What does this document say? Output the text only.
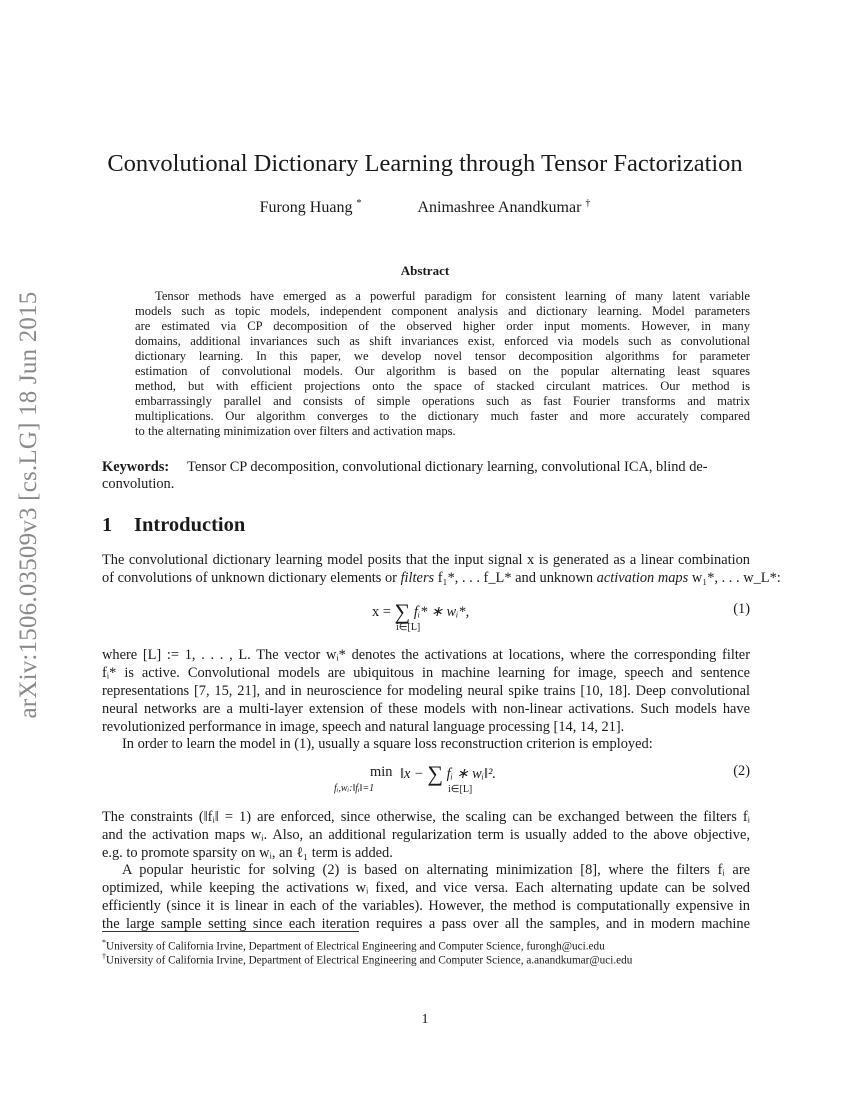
arXiv:1506.03509v3 [cs.LG] 18 Jun 2015
Convolutional Dictionary Learning through Tensor Factorization
Furong Huang *	Animashree Anandkumar †
Abstract
Tensor methods have emerged as a powerful paradigm for consistent learning of many latent variable
models such as topic models, independent component analysis and dictionary learning. Model parameters
are estimated via CP decomposition of the observed higher order input moments. However, in many
domains, additional invariances such as shift invariances exist, enforced via models such as convolutional
dictionary learning. In this paper, we develop novel tensor decomposition algorithms for parameter
estimation of convolutional models. Our algorithm is based on the popular alternating least squares
method, but with efficient projections onto the space of stacked circulant matrices. Our method is
embarrassingly parallel and consists of simple operations such as fast Fourier transforms and matrix
multiplications. Our algorithm converges to the dictionary much faster and more accurately compared
to the alternating minimization over filters and activation maps.
Keywords: Tensor CP decomposition, convolutional dictionary learning, convolutional ICA, blind de-
convolution.
1 Introduction
The convolutional dictionary learning model posits that the input signal x is generated as a linear combination
of convolutions of unknown dictionary elements or filters f₁*, . . . f_L* and unknown activation maps w₁*, . . . w_L*:
x = ∑ fᵢ* ∗ wᵢ*,
i∈[L]
(1)
where [L] := 1, . . . , L. The vector wᵢ* denotes the activations at locations, where the corresponding filter
fᵢ* is active. Convolutional models are ubiquitous in machine learning for image, speech and sentence
representations [7, 15, 21], and in neuroscience for modeling neural spike trains [10, 18]. Deep convolutional
neural networks are a multi-layer extension of these models with non-linear activations. Such models have
revolutionized performance in image, speech and natural language processing [14, 14, 21].
In order to learn the model in (1), usually a square loss reconstruction criterion is employed:
min
fᵢ,wᵢ:‖fᵢ‖=1
‖x − ∑ fᵢ ∗ wᵢ‖².
i∈[L]
(2)
The constraints (‖fᵢ‖ = 1) are enforced, since otherwise, the scaling can be exchanged between the filters fᵢ
and the activation maps wᵢ. Also, an additional regularization term is usually added to the above objective,
e.g. to promote sparsity on wᵢ, an ℓ₁ term is added.
A popular heuristic for solving (2) is based on alternating minimization [8], where the filters fᵢ are
optimized, while keeping the activations wᵢ fixed, and vice versa. Each alternating update can be solved
efficiently (since it is linear in each of the variables). However, the method is computationally expensive in
the large sample setting since each iteration requires a pass over all the samples, and in modern machine
*University of California Irvine, Department of Electrical Engineering and Computer Science, furongh@uci.edu
†University of California Irvine, Department of Electrical Engineering and Computer Science, a.anandkumar@uci.edu
1
